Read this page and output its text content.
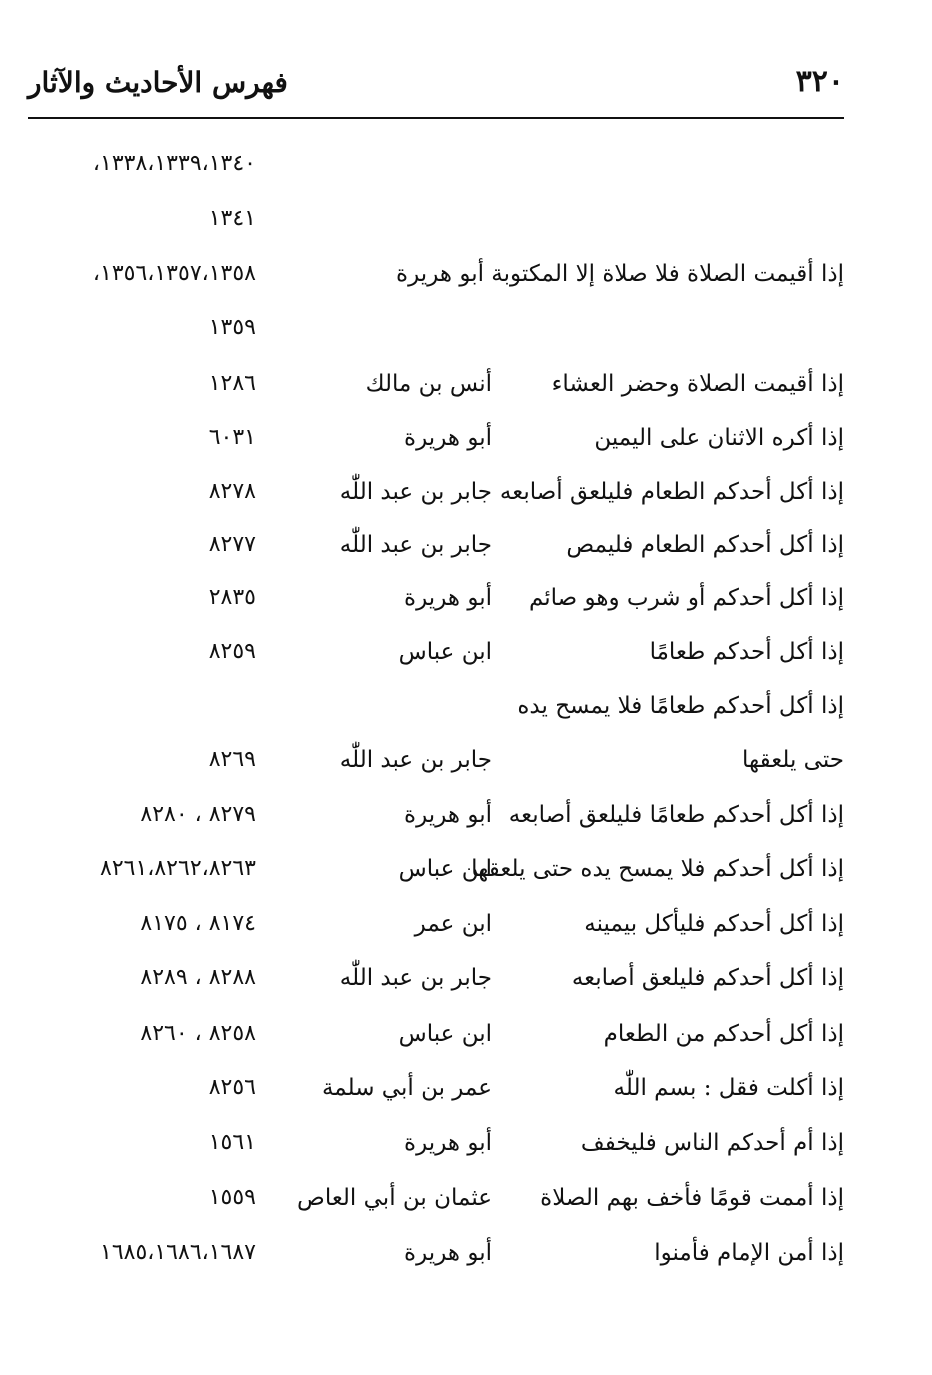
٣٢٠
فهرس الأحاديث والآثار
١٣٣٨،١٣٣٩،١٣٤٠،
١٣٤١
إذا أقيمت الصلاة فلا صلاة إلا المكتوبة أبو هريرة
١٣٥٦،١٣٥٧،١٣٥٨،
١٣٥٩
إذا أقيمت الصلاة وحضر العشاء
أنس بن مالك
١٢٨٦
إذا أكره الاثنان على اليمين
أبو هريرة
٦٠٣١
إذا أكل أحدكم الطعام فليلعق أصابعه
جابر بن عبد اللّٰه
٨٢٧٨
إذا أكل أحدكم الطعام فليمص
جابر بن عبد اللّٰه
٨٢٧٧
إذا أكل أحدكم أو شرب وهو صائم
أبو هريرة
٢٨٣٥
إذا أكل أحدكم طعامًا
ابن عباس
٨٢٥٩
إذا أكل أحدكم طعامًا فلا يمسح يده
حتى يلعقها
جابر بن عبد اللّٰه
٨٢٦٩
إذا أكل أحدكم طعامًا فليلعق أصابعه
أبو هريرة
٨٢٧٩ ، ٨٢٨٠
إذا أكل أحدكم فلا يمسح يده حتى يلعقها
ابن عباس
٨٢٦١،٨٢٦٢،٨٢٦٣
إذا أكل أحدكم فليأكل بيمينه
ابن عمر
٨١٧٤ ، ٨١٧٥
إذا أكل أحدكم فليلعق أصابعه
جابر بن عبد اللّٰه
٨٢٨٨ ، ٨٢٨٩
إذا أكل أحدكم من الطعام
ابن عباس
٨٢٥٨ ، ٨٢٦٠
إذا أكلت فقل : بسم اللّٰه
عمر بن أبي سلمة
٨٢٥٦
إذا أم أحدكم الناس فليخفف
أبو هريرة
١٥٦١
إذا أممت قومًا فأخف بهم الصلاة
عثمان بن أبي العاص
١٥٥٩
إذا أمن الإمام فأمنوا
أبو هريرة
١٦٨٥،١٦٨٦،١٦٨٧
